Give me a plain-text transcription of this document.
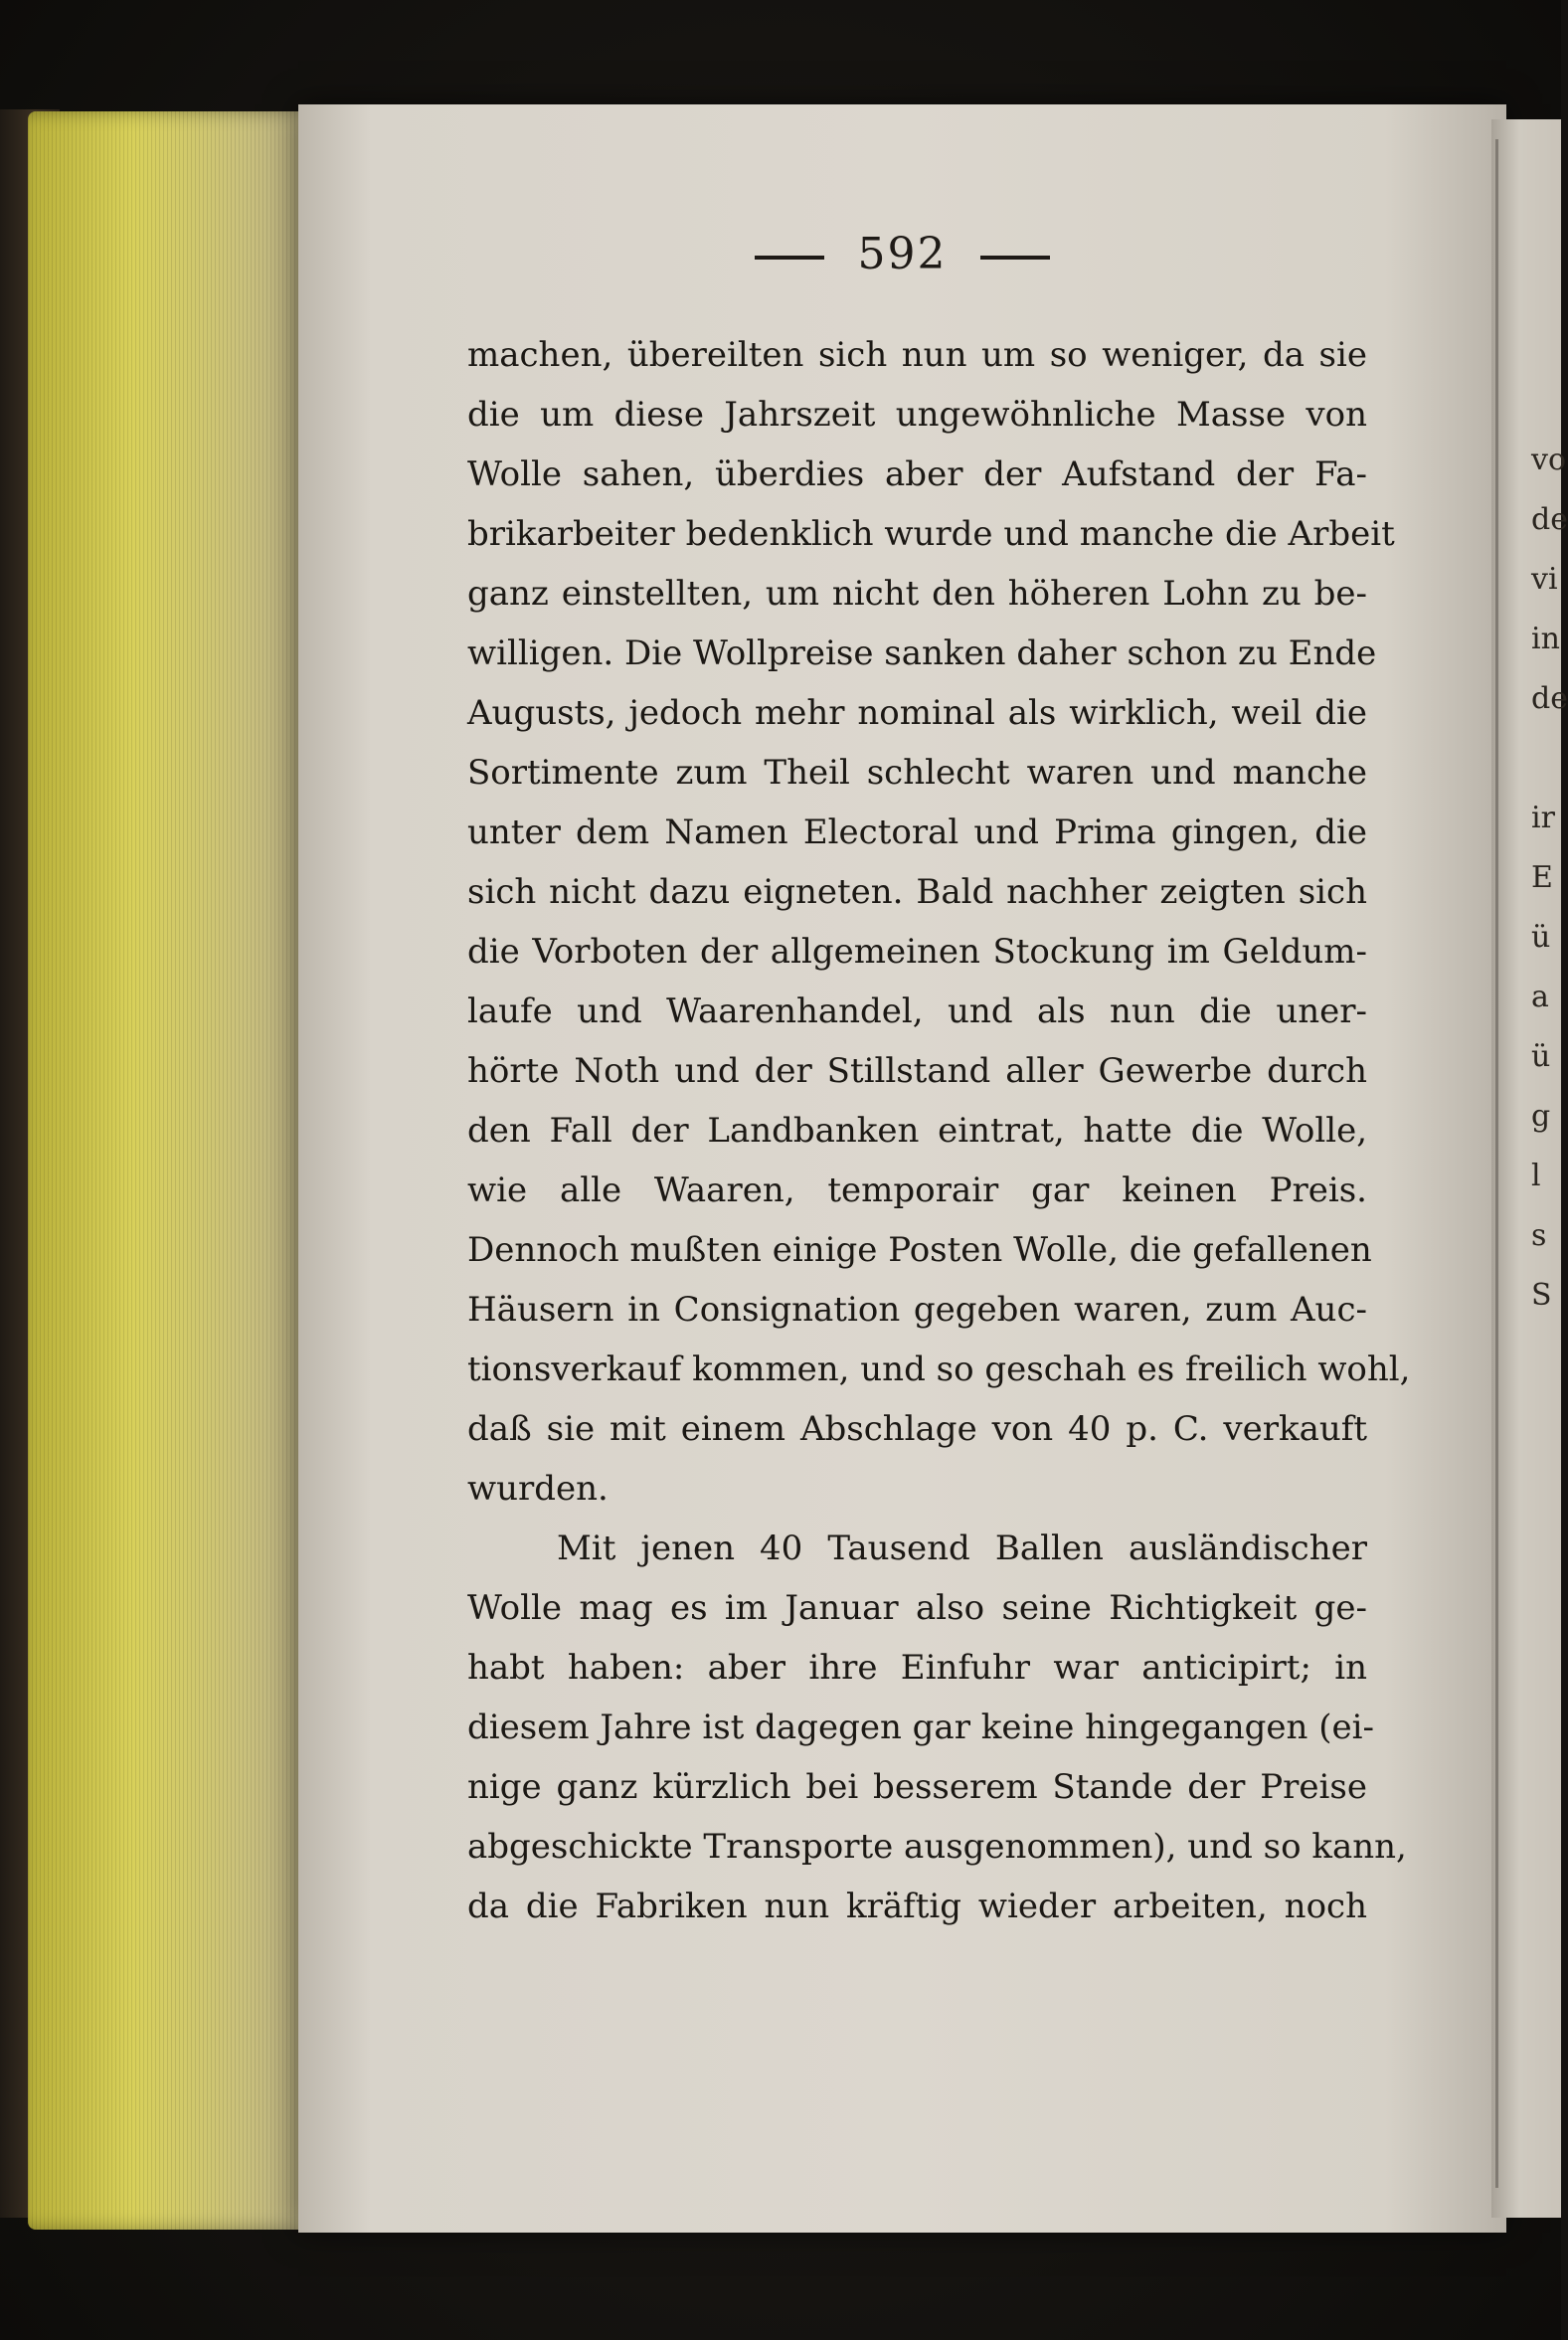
592
machen, übereilten sich nun um so weniger, da sie
die um diese Jahrszeit ungewöhnliche Masse von
Wolle sahen, überdies aber der Aufstand der Fa-
brikarbeiter bedenklich wurde und manche die Arbeit
ganz einstellten, um nicht den höheren Lohn zu be-
willigen. Die Wollpreise sanken daher schon zu Ende
Augusts, jedoch mehr nominal als wirklich, weil die
Sortimente zum Theil schlecht waren und manche
unter dem Namen Electoral und Prima gingen, die
sich nicht dazu eigneten. Bald nachher zeigten sich
die Vorboten der allgemeinen Stockung im Geldum-
laufe und Waarenhandel, und als nun die uner-
hörte Noth und der Stillstand aller Gewerbe durch
den Fall der Landbanken eintrat, hatte die Wolle,
wie alle Waaren, temporair gar keinen Preis.
Dennoch mußten einige Posten Wolle, die gefallenen
Häusern in Consignation gegeben waren, zum Auc-
tionsverkauf kommen, und so geschah es freilich wohl,
daß sie mit einem Abschlage von 40 p. C. verkauft
wurden.
Mit jenen 40 Tausend Ballen ausländischer
Wolle mag es im Januar also seine Richtigkeit ge-
habt haben: aber ihre Einfuhr war anticipirt; in
diesem Jahre ist dagegen gar keine hingegangen (ei-
nige ganz kürzlich bei besserem Stande der Preise
abgeschickte Transporte ausgenommen), und so kann,
da die Fabriken nun kräftig wieder arbeiten, noch
vo
de
vi
in
de
ir
E
ü
a
ü
g
l
s
S
